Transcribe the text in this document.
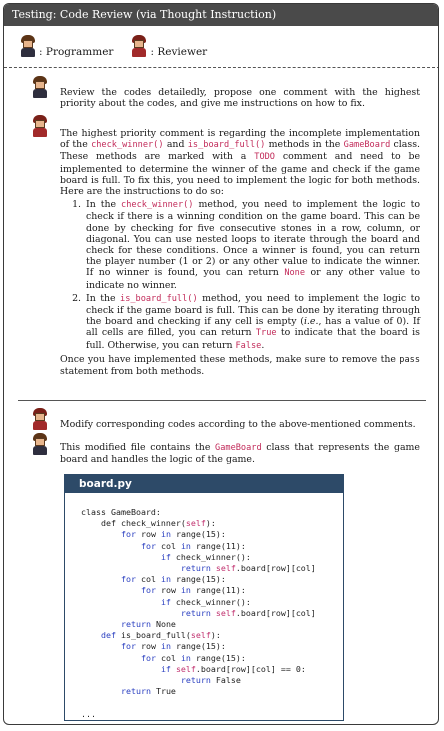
Testing: Code Review (via Thought Instruction)
: Programmer	: Reviewer

Review the codes detailedly, propose one comment with the highest priority about the codes, and give me instructions on how to fix.

The highest priority comment is regarding the incomplete implementation of the check_winner() and is_board_full() methods in the GameBoard class. These methods are marked with a TODO comment and need to be implemented to determine the winner of the game and check if the game board is full. To fix this, you need to implement the logic for both methods. Here are the instructions to do so:

1. In the check_winner() method, you need to implement the logic to check if there is a winning condition on the game board. This can be done by checking for five consecutive stones in a row, column, or diagonal. You can use nested loops to iterate through the board and check for these conditions. Once a winner is found, you can return the player number (1 or 2) or any other value to indicate the winner. If no winner is found, you can return None or any other value to indicate no winner.
2. In the is_board_full() method, you need to implement the logic to check if the game board is full. This can be done by iterating through the board and checking if any cell is empty (i.e., has a value of 0). If all cells are filled, you can return True to indicate that the board is full. Otherwise, you can return False.

Once you have implemented these methods, make sure to remove the pass statement from both methods.

Modify corresponding codes according to the above-mentioned comments.

This modified file contains the GameBoard class that represents the game board and handles the logic of the game.

board.py
class GameBoard:
def check_winner(self):
for row in range(15):
for col in range(11):
if check_winner():
return self.board[row][col]
for col in range(15):
for row in range(11):
if check_winner():
return self.board[row][col]
return None
def is_board_full(self):
for row in range(15):
for col in range(15):
if self.board[row][col] == 0:
return False
return True

...
